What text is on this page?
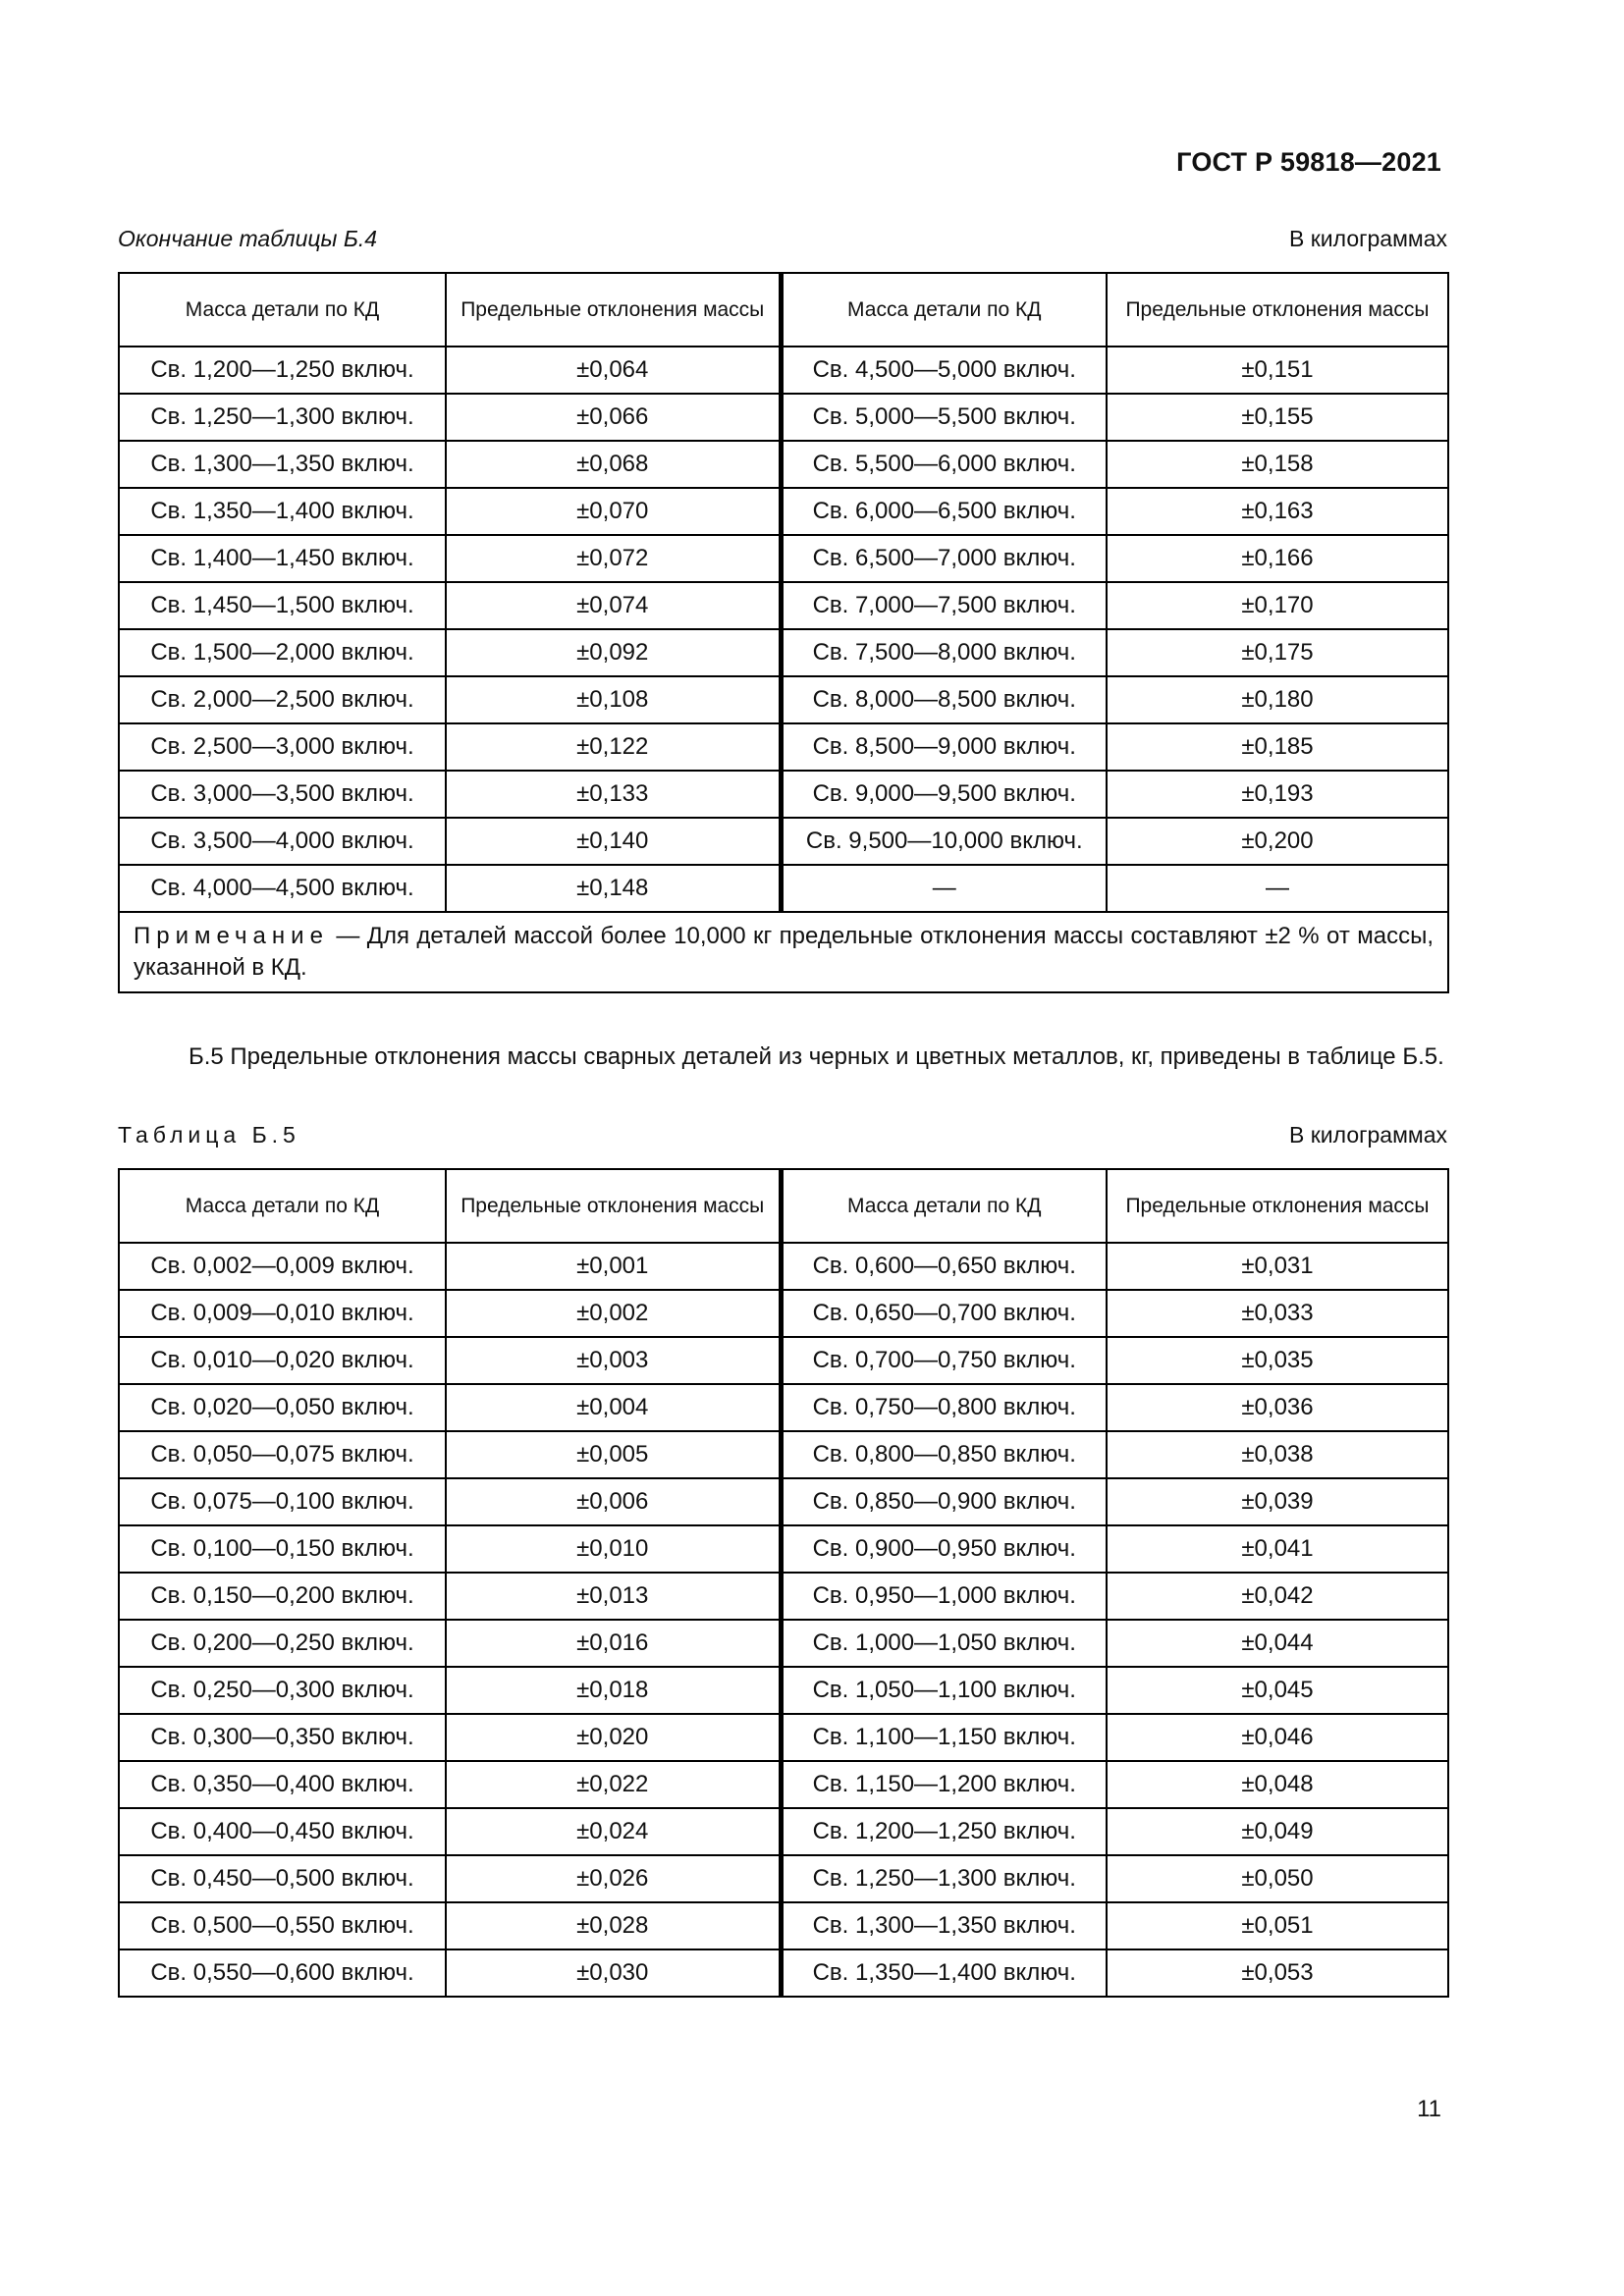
ГОСТ Р 59818—2021
Окончание таблицы Б.4	В килограммах
Масса детали по КД	Предельные отклонения массы	Масса детали по КД	Предельные отклонения массы
Св. 1,200—1,250 включ.	±0,064	Св. 4,500—5,000 включ.	±0,151
Св. 1,250—1,300 включ.	±0,066	Св. 5,000—5,500 включ.	±0,155
Св. 1,300—1,350 включ.	±0,068	Св. 5,500—6,000 включ.	±0,158
Св. 1,350—1,400 включ.	±0,070	Св. 6,000—6,500 включ.	±0,163
Св. 1,400—1,450 включ.	±0,072	Св. 6,500—7,000 включ.	±0,166
Св. 1,450—1,500 включ.	±0,074	Св. 7,000—7,500 включ.	±0,170
Св. 1,500—2,000 включ.	±0,092	Св. 7,500—8,000 включ.	±0,175
Св. 2,000—2,500 включ.	±0,108	Св. 8,000—8,500 включ.	±0,180
Св. 2,500—3,000 включ.	±0,122	Св. 8,500—9,000 включ.	±0,185
Св. 3,000—3,500 включ.	±0,133	Св. 9,000—9,500 включ.	±0,193
Св. 3,500—4,000 включ.	±0,140	Св. 9,500—10,000 включ.	±0,200
Св. 4,000—4,500 включ.	±0,148	—	—
Примечание — Для деталей массой более 10,000 кг предельные отклонения массы составляют ±2 % от массы, указанной в КД.			
Б.5 Предельные отклонения массы сварных деталей из черных и цветных металлов, кг, приведены в таблице Б.5.
Таблица Б.5	В килограммах
Масса детали по КД	Предельные отклонения массы	Масса детали по КД	Предельные отклонения массы
Св. 0,002—0,009 включ.	±0,001	Св. 0,600—0,650 включ.	±0,031
Св. 0,009—0,010 включ.	±0,002	Св. 0,650—0,700 включ.	±0,033
Св. 0,010—0,020 включ.	±0,003	Св. 0,700—0,750 включ.	±0,035
Св. 0,020—0,050 включ.	±0,004	Св. 0,750—0,800 включ.	±0,036
Св. 0,050—0,075 включ.	±0,005	Св. 0,800—0,850 включ.	±0,038
Св. 0,075—0,100 включ.	±0,006	Св. 0,850—0,900 включ.	±0,039
Св. 0,100—0,150 включ.	±0,010	Св. 0,900—0,950 включ.	±0,041
Св. 0,150—0,200 включ.	±0,013	Св. 0,950—1,000 включ.	±0,042
Св. 0,200—0,250 включ.	±0,016	Св. 1,000—1,050 включ.	±0,044
Св. 0,250—0,300 включ.	±0,018	Св. 1,050—1,100 включ.	±0,045
Св. 0,300—0,350 включ.	±0,020	Св. 1,100—1,150 включ.	±0,046
Св. 0,350—0,400 включ.	±0,022	Св. 1,150—1,200 включ.	±0,048
Св. 0,400—0,450 включ.	±0,024	Св. 1,200—1,250 включ.	±0,049
Св. 0,450—0,500 включ.	±0,026	Св. 1,250—1,300 включ.	±0,050
Св. 0,500—0,550 включ.	±0,028	Св. 1,300—1,350 включ.	±0,051
Св. 0,550—0,600 включ.	±0,030	Св. 1,350—1,400 включ.	±0,053
11
